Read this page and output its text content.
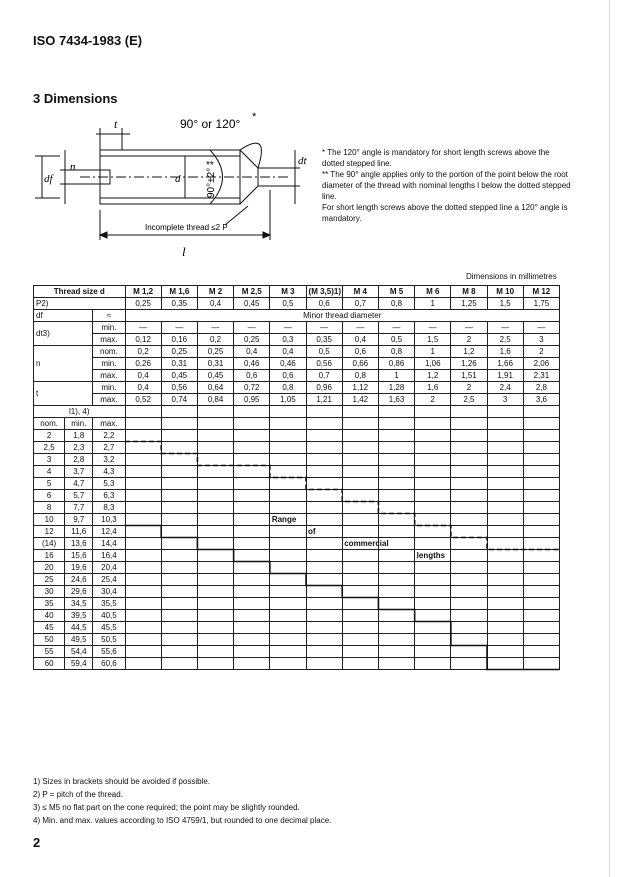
ISO 7434-1983 (E)
3 Dimensions
90° or 120° *
t
n
df	d	90°±2°
**	dt
Incomplete thread ≤2 P
l

* The 120° angle is mandatory for short length screws above the dotted stepped line.

** The 90° angle applies only to the portion of the point below the root diameter of the thread with nominal lengths l below the dotted stepped line.

For short length screws above the dotted stepped line a 120° angle is mandatory.

Dimensions in millimetres
Thread size d			M 1,2	M 1,6	M 2	M 2,5	M 3	(M 3,5)1)	M 4	M 5	M 6	M 8	M 10	M 12
P2)			0,25	0,35	0,4	0,45	0,5	0,6	0,7	0,8	1	1,25	1,5	1,75
df		≈	Minor thread diameter											
dt3)		min.	—	—	—	—	—	—	—	—	—	—	—	—
		max.	0,12	0,16	0,2	0,25	0,3	0,35	0,4	0,5	1,5	2	2,5	3
n		nom.	0,2	0,25	0,25	0,4	0,4	0,5	0,6	0,8	1	1,2	1,6	2
		min.	0,26	0,31	0,31	0,46	0,46	0,56	0,66	0,86	1,06	1,26	1,66	2,06
		max.	0,4	0,45	0,45	0,6	0,6	0,7	0,8	1	1,2	1,51	1,91	2,31
t		min.	0,4	0,56	0,64	0,72	0,8	0,96	1,12	1,28	1,6	2	2,4	2,8
		max.	0,52	0,74	0,84	0,95	1,05	1,21	1,42	1,63	2	2,5	3	3,6
l1), 4)														
nom.	min.	max.												
2	1,8	2,2												
2,5	2,3	2,7												
3	2,8	3,2												
4	3,7	4,3												
5	4,7	5,3												
6	5,7	6,3												
8	7,7	8,3												
10	9,7	10,3												
12	11,6	12,4												
(14)	13,6	14,4												
16	15,6	16,4												
20	19,6	20,4												
25	24,6	25,4												
30	29,6	30,4												
35	34,5	35,5												
40	39,5	40,5												
45	44,5	45,5												
50	49,5	50,5												
55	54,4	55,6												
60	59,4	60,6												
Range
of
commercial
lengths
1) Sizes in brackets should be avoided if possible.
2) P = pitch of the thread.
3) ≤ M5 no flat part on the cone required; the point may be slightly rounded.
4) Min. and max. values according to ISO 4759/1, but rounded to one decimal place.
2
